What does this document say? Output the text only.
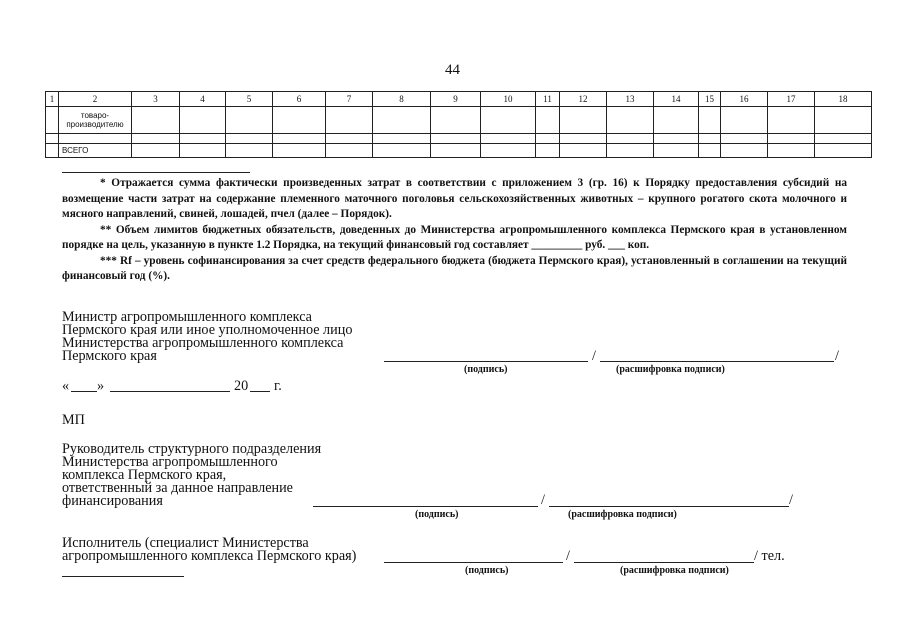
44
1	2	3	4	5	6	7	8	9	10	11	12	13	14	15	16	17	18
	товаро-производителю																

	ВСЕГО																

* Отражается сумма фактически произведенных затрат в соответствии с приложением 3 (гр. 16) к Порядку предоставления субсидий на возмещение части затрат на содержание племенного маточного поголовья сельскохозяйственных животных – крупного рогатого скота молочного и мясного направлений, свиней, лошадей, пчел (далее – Порядок).

** Объем лимитов бюджетных обязательств, доведенных до Министерства агропромышленного комплекса Пермского края в установленном порядке на цель, указанную в пункте 1.2 Порядка, на текущий финансовый год составляет _________ руб. ___ коп.

*** Rf – уровень софинансирования за счет средств федерального бюджета (бюджета Пермского края), установленный в соглашении на текущий финансовый год (%).

Министр агропромышленного комплекса
Пермского края или иное уполномоченное лицо
Министерства агропромышленного комплекса
Пермского края	/	/
(подпись)	(расшифровка подписи)
« »	20 г.
МП
Руководитель структурного подразделения
Министерства агропромышленного
комплекса Пермского края,
ответственный за данное направление
финансирования	/	/
(подпись)	(расшифровка подписи)
Исполнитель (специалист Министерства
агропромышленного комплекса Пермского края)	/	/ тел.
(подпись)	(расшифровка подписи)
